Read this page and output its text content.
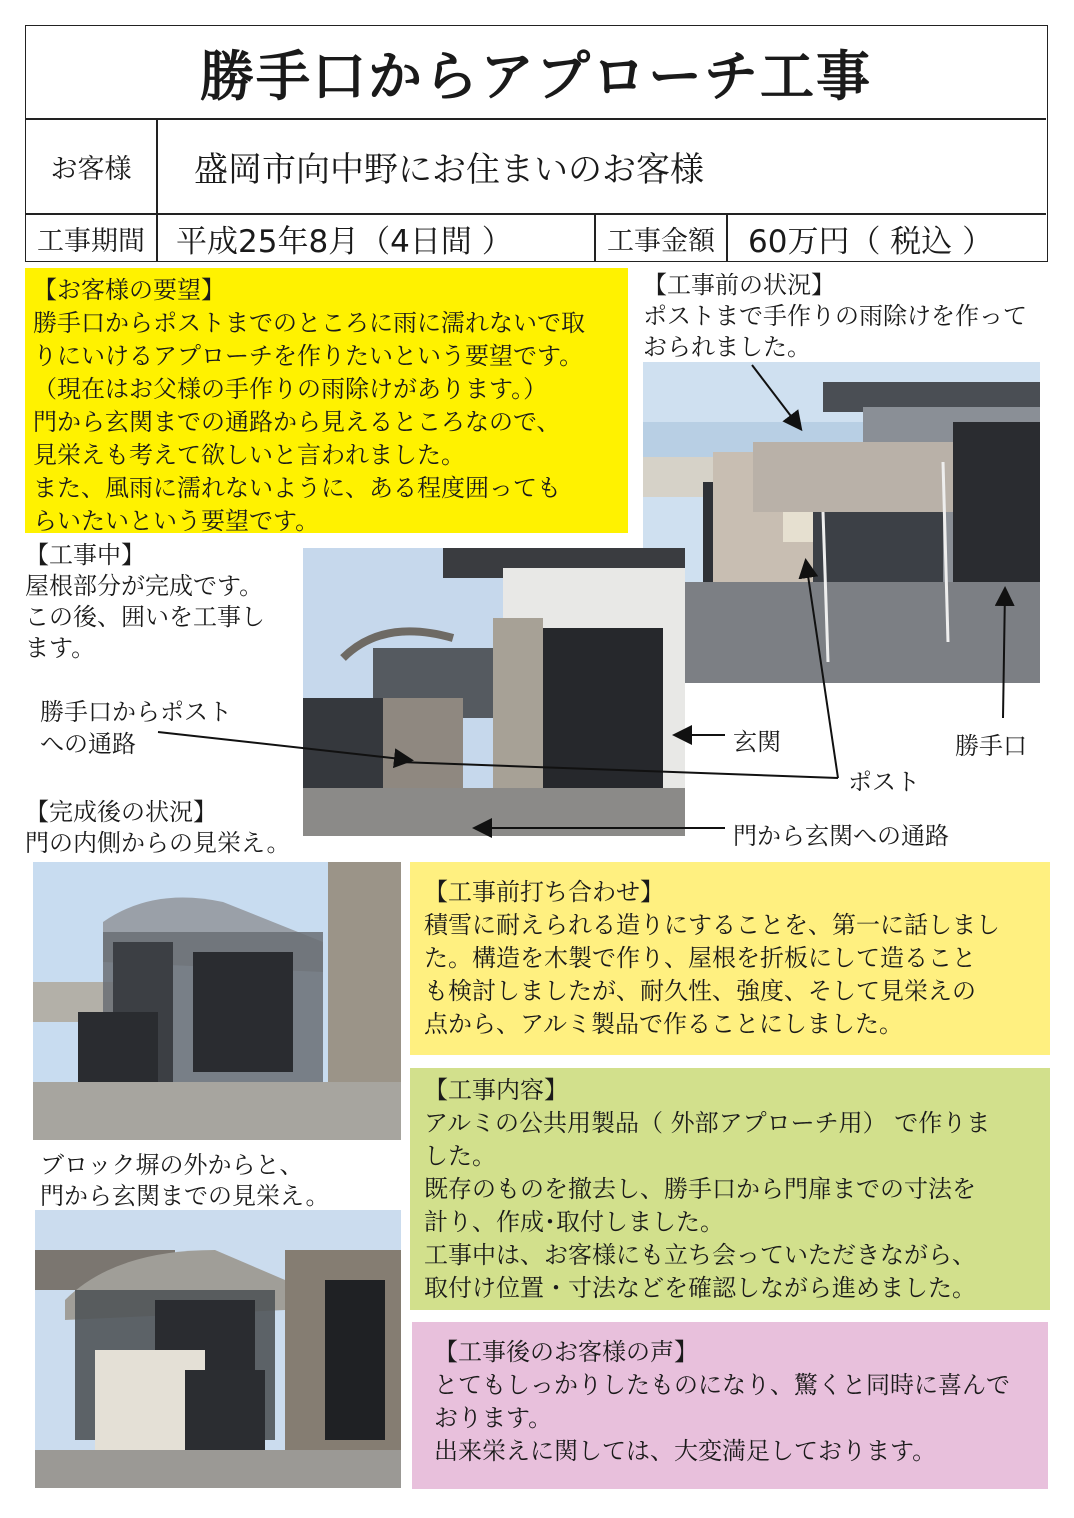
勝手口からアプローチ工事
お客様	盛岡市向中野にお住まいのお客様
工事期間	平成25年8月（4日間 ）	工事金額	60万円（ 税込 ）

【お客様の要望】

勝手口からポストまでのところに雨に濡れないで取

りにいけるアプローチを作りたいという要望です。

（現在はお父様の手作りの雨除けがあります。）

門から玄関までの通路から見えるところなので、

見栄えも考えて欲しいと言われました。

また、風雨に濡れないように、ある程度囲っても

らいたいという要望です。

【工事前の状況】

ポストまで手作りの雨除けを作って

おられました。

【工事中】

屋根部分が完成です。

この後、囲いを工事し

ます。

勝手口からポスト
への通路	玄関
ポスト
勝手口
門から玄関への通路

【完成後の状況】

門の内側からの見栄え。

ブロック塀の外からと、

門から玄関までの見栄え。

【工事前打ち合わせ】

積雪に耐えられる造りにすることを、第一に話しまし

た。構造を木製で作り、屋根を折板にして造ること

も検討しましたが、耐久性、強度、そして見栄えの

点から、アルミ製品で作ることにしました。

【工事内容】

アルミの公共用製品（ 外部アプローチ用） で作りま

した。

既存のものを撤去し、勝手口から門扉までの寸法を

計り、作成･取付しました。

工事中は、お客様にも立ち会っていただきながら、

取付け位置・寸法などを確認しながら進めました。

【工事後のお客様の声】

とてもしっかりしたものになり、驚くと同時に喜んで

おります。

出来栄えに関しては、大変満足しております。
